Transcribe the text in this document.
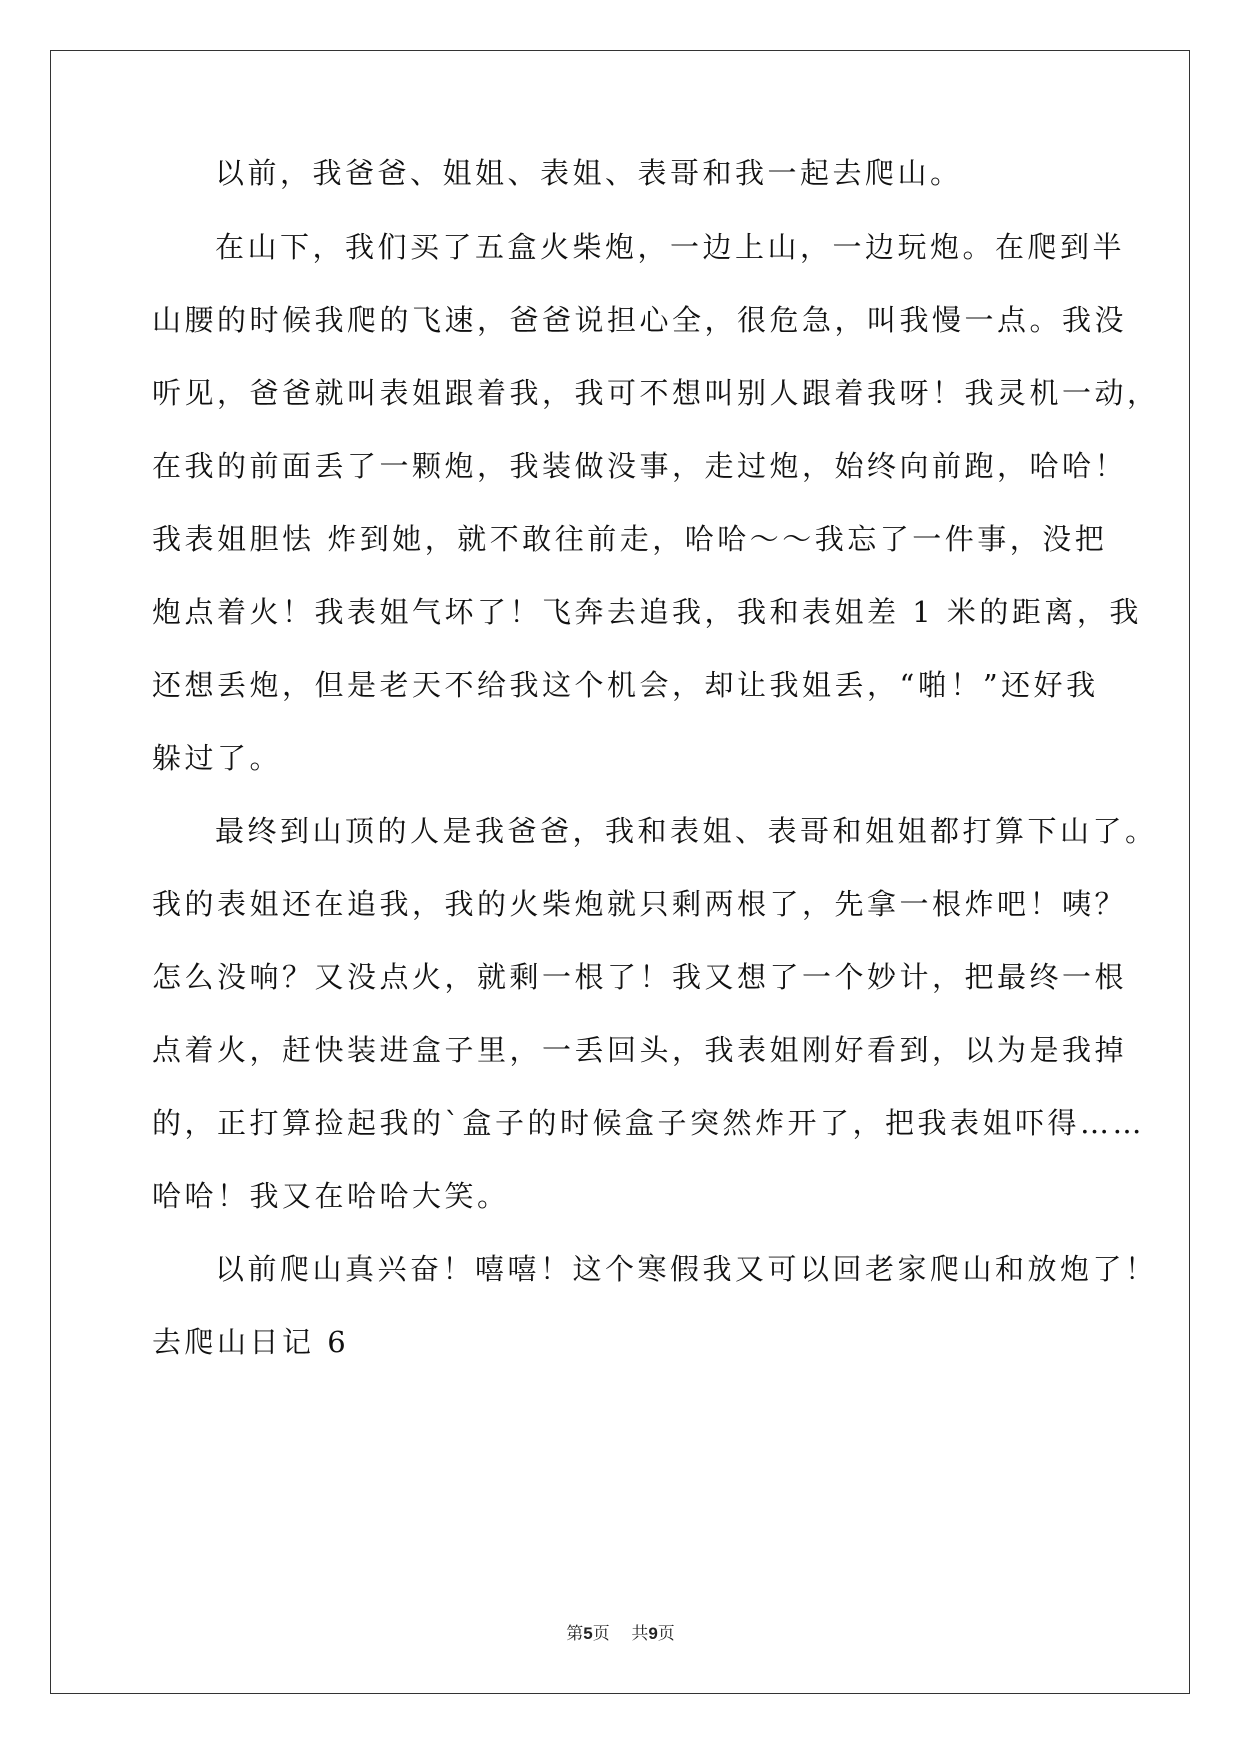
以前，我爸爸、姐姐、表姐、表哥和我一起去爬山。
在山下，我们买了五盒火柴炮，一边上山，一边玩炮。在爬到半
山腰的时候我爬的飞速，爸爸说担心全，很危急，叫我慢一点。我没
听见，爸爸就叫表姐跟着我，我可不想叫别人跟着我呀！我灵机一动，
在我的前面丢了一颗炮，我装做没事，走过炮，始终向前跑，哈哈！
我表姐胆怯 炸到她，就不敢往前走，哈哈～～我忘了一件事，没把
炮点着火！我表姐气坏了！飞奔去追我，我和表姐差 1 米的距离，我
还想丢炮，但是老天不给我这个机会，却让我姐丢，“啪！”还好我
躲过了。
最终到山顶的人是我爸爸，我和表姐、表哥和姐姐都打算下山了。
我的表姐还在追我，我的火柴炮就只剩两根了，先拿一根炸吧！咦？
怎么没响？又没点火，就剩一根了！我又想了一个妙计，把最终一根
点着火，赶快装进盒子里，一丢回头，我表姐刚好看到，以为是我掉
的，正打算捡起我的`盒子的时候盒子突然炸开了，把我表姐吓得……
哈哈！我又在哈哈大笑。
以前爬山真兴奋！嘻嘻！这个寒假我又可以回老家爬山和放炮了！
去爬山日记 6
第5页 共9页
